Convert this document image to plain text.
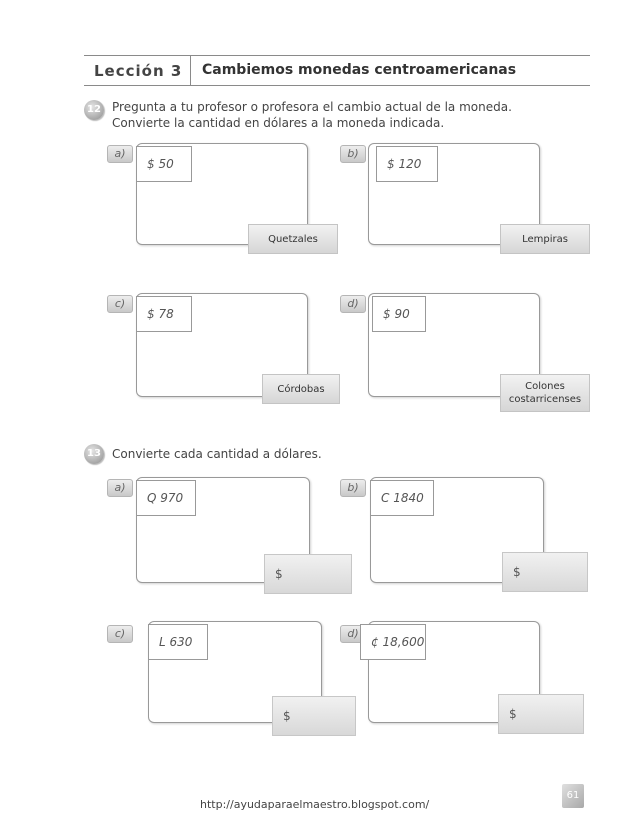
Lección 3 Cambiemos monedas centroamericanas
12 Pregunta a tu profesor o profesora el cambio actual de la moneda.
Convierte la cantidad en dólares a la moneda indicada.
a)
$ 50
Quetzales
b)
$ 120
Lempiras
c)
$ 78
Córdobas
d)
$ 90
Colones
costarricenses
13 Convierte cada cantidad a dólares.
a)
Q 970
$
b)
C 1840
$
c)
L 630
$
d)
¢ 18,600
$
http://ayudaparaelmaestro.blogspot.com/
61
